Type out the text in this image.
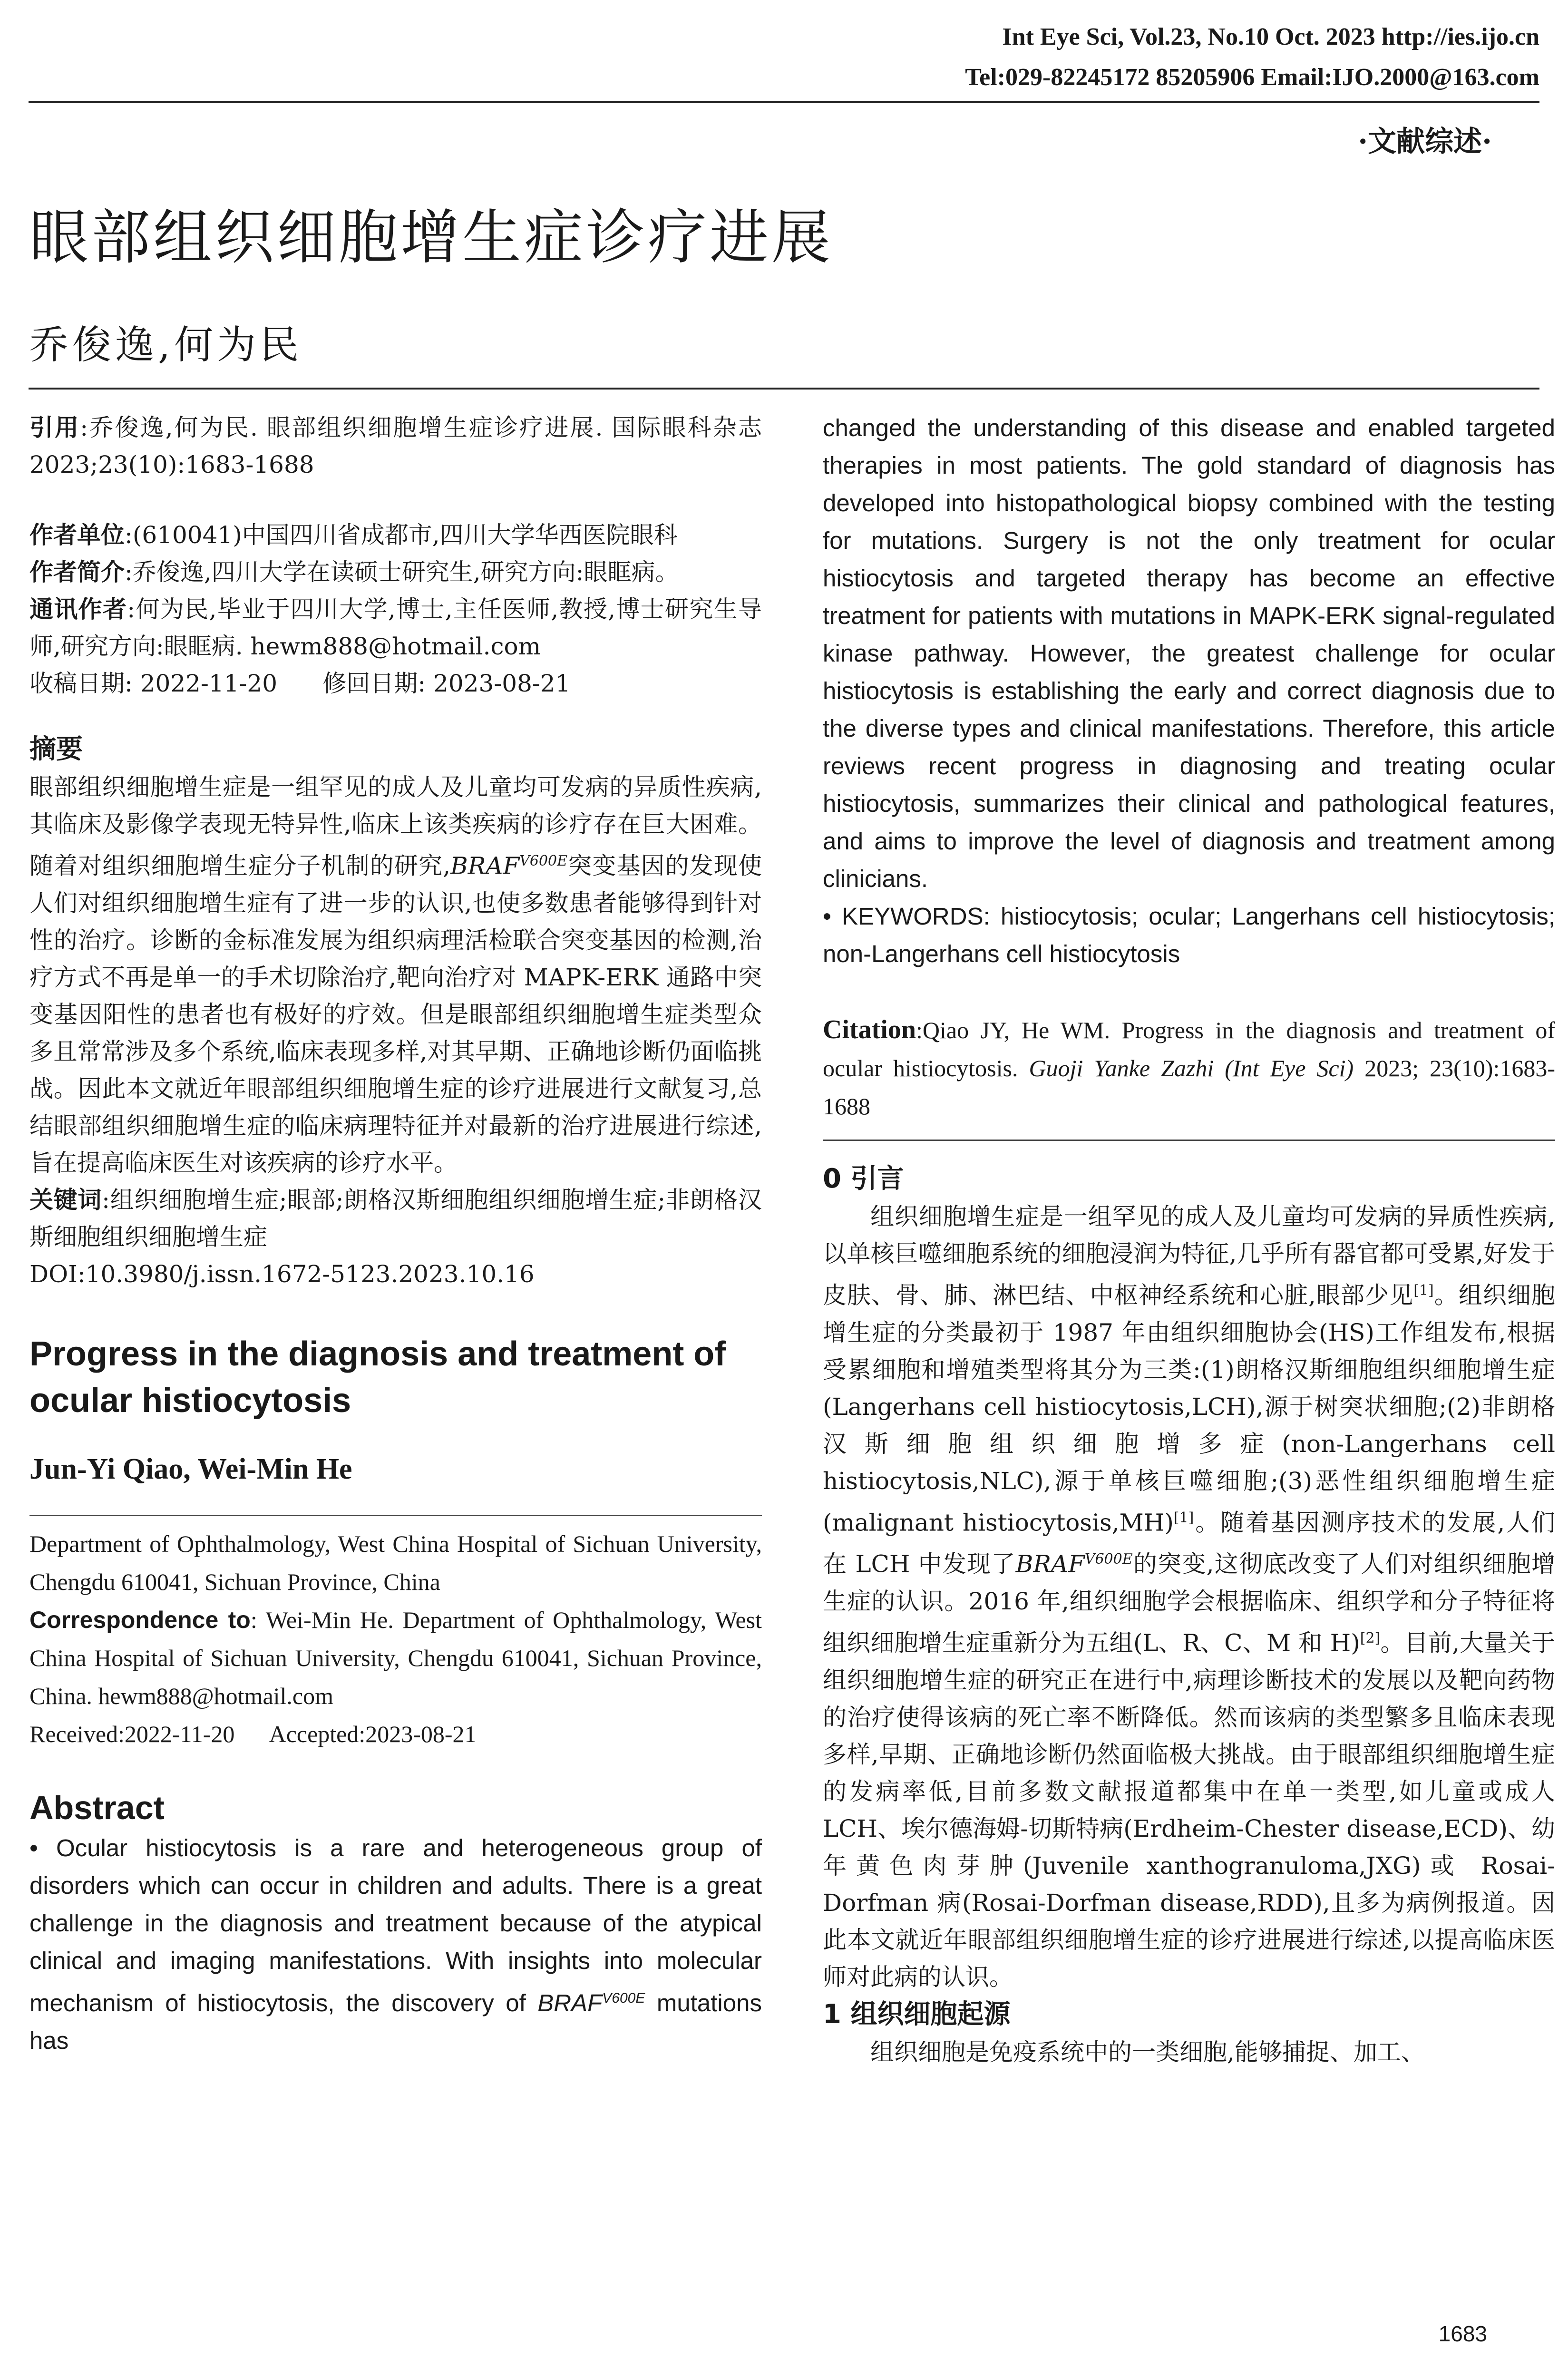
Int Eye Sci, Vol.23, No.10 Oct. 2023 http://ies.ijo.cn
Tel:029-82245172 85205906 Email:IJO.2000@163.com
·文献综述·
眼部组织细胞增生症诊疗进展
乔俊逸,何为民

引用:乔俊逸,何为民. 眼部组织细胞增生症诊疗进展. 国际眼科杂志 2023;23(10):1683-1688

作者单位:(610041)中国四川省成都市,四川大学华西医院眼科

作者简介:乔俊逸,四川大学在读硕士研究生,研究方向:眼眶病。

通讯作者:何为民,毕业于四川大学,博士,主任医师,教授,博士研究生导师,研究方向:眼眶病. hewm888@hotmail.com

收稿日期: 2022-11-20      修回日期: 2023-08-21

摘要

眼部组织细胞增生症是一组罕见的成人及儿童均可发病的异质性疾病,其临床及影像学表现无特异性,临床上该类疾病的诊疗存在巨大困难。随着对组织细胞增生症分子机制的研究$,BRAF^{V600E}$突变基因的发现使人们对组织细胞增生症有了进一步的认识,也使多数患者能够得到针对性的治疗。诊断的金标准发展为组织病理活检联合突变基因的检测,治疗方式不再是单一的手术切除治疗,靶向治疗对 MAPK-ERK 通路中突变基因阳性的患者也有极好的疗效。但是眼部组织细胞增生症类型众多且常常涉及多个系统,临床表现多样,对其早期、正确地诊断仍面临挑战。因此本文就近年眼部组织细胞增生症的诊疗进展进行文献复习,总结眼部组织细胞增生症的临床病理特征并对最新的治疗进展进行综述,旨在提高临床医生对该疾病的诊疗水平。

关键词:组织细胞增生症;眼部;朗格汉斯细胞组织细胞增生症;非朗格汉斯细胞组织细胞增生症

DOI:10.3980/j.issn.1672-5123.2023.10.16

Progress in the diagnosis and treatment of ocular histiocytosis

Jun-Yi Qiao, Wei-Min He

Department of Ophthalmology, West China Hospital of Sichuan University, Chengdu 610041, Sichuan Province, China

Correspondence to: Wei-Min He. Department of Ophthalmology, West China Hospital of Sichuan University, Chengdu 610041, Sichuan Province, China. hewm888@hotmail.com

Received:2022-11-20      Accepted:2023-08-21

Abstract

• Ocular histiocytosis is a rare and heterogeneous group of disorders which can occur in children and adults. There is a great challenge in the diagnosis and treatment because of the atypical clinical and imaging manifestations. With insights into molecular mechanism of histiocytosis, the discovery of $BRAF^{V600E}$ mutations has

changed the understanding of this disease and enabled targeted therapies in most patients. The gold standard of diagnosis has developed into histopathological biopsy combined with the testing for mutations. Surgery is not the only treatment for ocular histiocytosis and targeted therapy has become an effective treatment for patients with mutations in MAPK-ERK signal-regulated kinase pathway. However, the greatest challenge for ocular histiocytosis is establishing the early and correct diagnosis due to the diverse types and clinical manifestations. Therefore, this article reviews recent progress in diagnosing and treating ocular histiocytosis, summarizes their clinical and pathological features, and aims to improve the level of diagnosis and treatment among clinicians.

• KEYWORDS: histiocytosis; ocular; Langerhans cell histiocytosis; non-Langerhans cell histiocytosis

Citation:Qiao JY, He WM. Progress in the diagnosis and treatment of ocular histiocytosis. Guoji Yanke Zazhi (Int Eye Sci) 2023; 23(10):1683-1688

0 引言

组织细胞增生症是一组罕见的成人及儿童均可发病的异质性疾病,以单核巨噬细胞系统的细胞浸润为特征,几乎所有器官都可受累,好发于皮肤、骨、肺、淋巴结、中枢神经系统和心脏,眼部少见[1]。组织细胞增生症的分类最初于 1987 年由组织细胞协会(HS)工作组发布,根据受累细胞和增殖类型将其分为三类:(1)朗格汉斯细胞组织细胞增生症(Langerhans cell histiocytosis,LCH),源于树突状细胞;(2)非朗格汉斯细胞组织细胞增多症(non-Langerhans cell histiocytosis,NLC),源于单核巨噬细胞;(3)恶性组织细胞增生症(malignant histiocytosis,MH)[1]。随着基因测序技术的发展,人们在 LCH 中发现了$BRAF^{V600E}$的突变,这彻底改变了人们对组织细胞增生症的认识。2016 年,组织细胞学会根据临床、组织学和分子特征将组织细胞增生症重新分为五组(L、R、C、M 和 H)[2]。目前,大量关于组织细胞增生症的研究正在进行中,病理诊断技术的发展以及靶向药物的治疗使得该病的死亡率不断降低。然而该病的类型繁多且临床表现多样,早期、正确地诊断仍然面临极大挑战。由于眼部组织细胞增生症的发病率低,目前多数文献报道都集中在单一类型,如儿童或成人 LCH、埃尔德海姆-切斯特病(Erdheim-Chester disease,ECD)、幼年黄色肉芽肿(Juvenile xanthogranuloma,JXG)或 Rosai-Dorfman 病(Rosai-Dorfman disease,RDD),且多为病例报道。因此本文就近年眼部组织细胞增生症的诊疗进展进行综述,以提高临床医师对此病的认识。

1 组织细胞起源

组织细胞是免疫系统中的一类细胞,能够捕捉、加工、

1683
